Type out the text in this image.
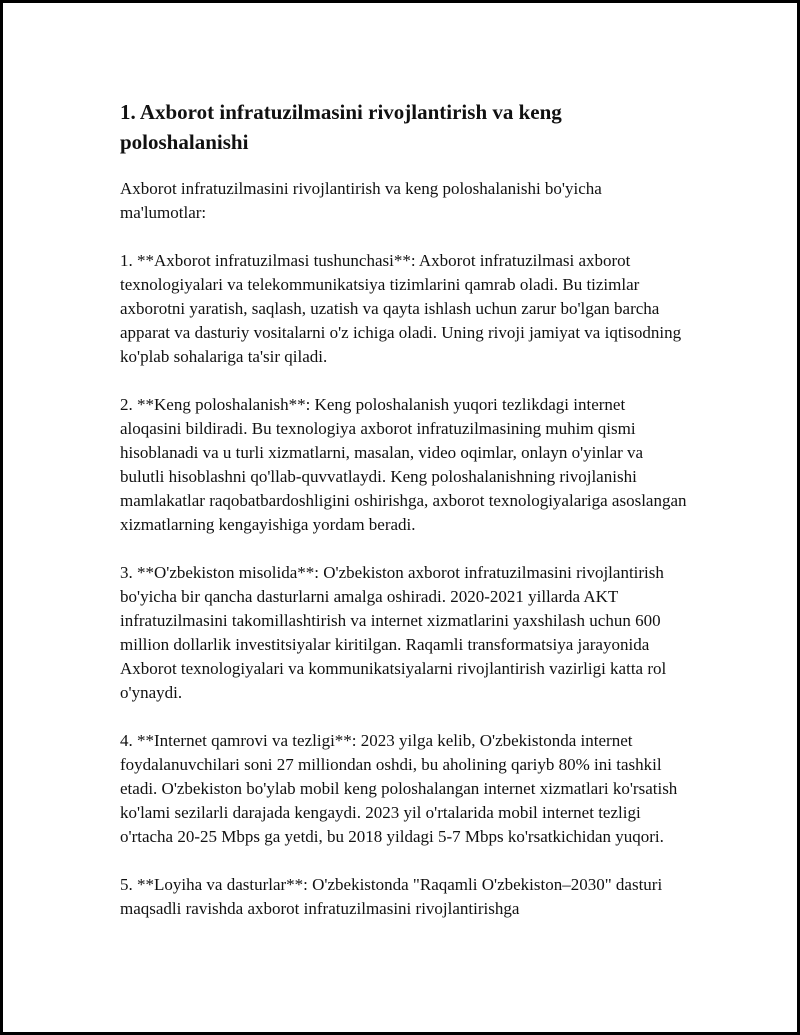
1. Axborot infratuzilmasini rivojlantirish va keng poloshalanishi

Axborot infratuzilmasini rivojlantirish va keng poloshalanishi bo'yicha ma'lumotlar:

1. **Axborot infratuzilmasi tushunchasi**: Axborot infratuzilmasi axborot texnologiyalari va telekommunikatsiya tizimlarini qamrab oladi. Bu tizimlar axborotni yaratish, saqlash, uzatish va qayta ishlash uchun zarur bo'lgan barcha apparat va dasturiy vositalarni o'z ichiga oladi. Uning rivoji jamiyat va iqtisodning ko'plab sohalariga ta'sir qiladi.

2. **Keng poloshalanish**: Keng poloshalanish yuqori tezlikdagi internet aloqasini bildiradi. Bu texnologiya axborot infratuzilmasining muhim qismi hisoblanadi va u turli xizmatlarni, masalan, video oqimlar, onlayn o'yinlar va bulutli hisoblashni qo'llab-quvvatlaydi. Keng poloshalanishning rivojlanishi mamlakatlar raqobatbardoshligini oshirishga, axborot texnologiyalariga asoslangan xizmatlarning kengayishiga yordam beradi.

3. **O'zbekiston misolida**: O'zbekiston axborot infratuzilmasini rivojlantirish bo'yicha bir qancha dasturlarni amalga oshiradi. 2020-2021 yillarda AKT infratuzilmasini takomillashtirish va internet xizmatlarini yaxshilash uchun 600 million dollarlik investitsiyalar kiritilgan. Raqamli transformatsiya jarayonida Axborot texnologiyalari va kommunikatsiyalarni rivojlantirish vazirligi katta rol o'ynaydi.

4. **Internet qamrovi va tezligi**: 2023 yilga kelib, O'zbekistonda internet foydalanuvchilari soni 27 milliondan oshdi, bu aholining qariyb 80% ini tashkil etadi. O'zbekiston bo'ylab mobil keng poloshalangan internet xizmatlari ko'rsatish ko'lami sezilarli darajada kengaydi. 2023 yil o'rtalarida mobil internet tezligi o'rtacha 20-25 Mbps ga yetdi, bu 2018 yildagi 5-7 Mbps ko'rsatkichidan yuqori.

5. **Loyiha va dasturlar**: O'zbekistonda "Raqamli O'zbekiston–2030" dasturi maqsadli ravishda axborot infratuzilmasini rivojlantirishga
